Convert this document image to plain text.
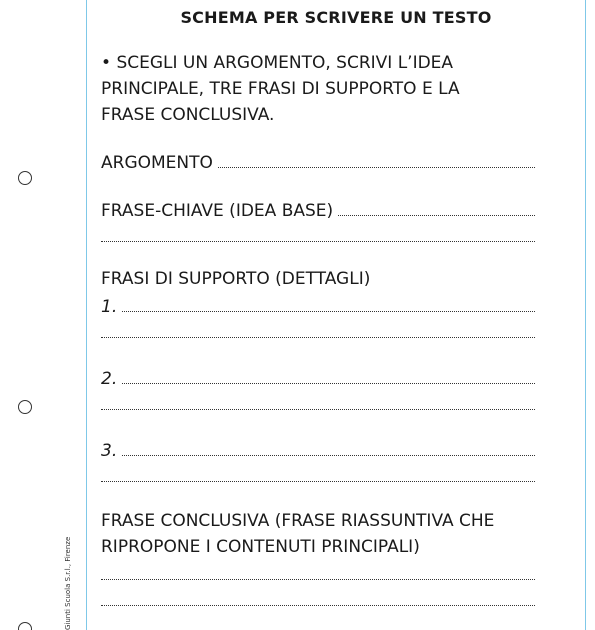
Giunti Scuola S.r.l., Firenze
SCHEMA PER SCRIVERE UN TESTO
• SCEGLI UN ARGOMENTO, SCRIVI L’IDEA
PRINCIPALE, TRE FRASI DI SUPPORTO E LA
FRASE CONCLUSIVA.
ARGOMENTO
FRASE-CHIAVE (IDEA BASE)
FRASI DI SUPPORTO (DETTAGLI)
1.
2.
3.
FRASE CONCLUSIVA (FRASE RIASSUNTIVA CHE
RIPROPONE I CONTENUTI PRINCIPALI)
